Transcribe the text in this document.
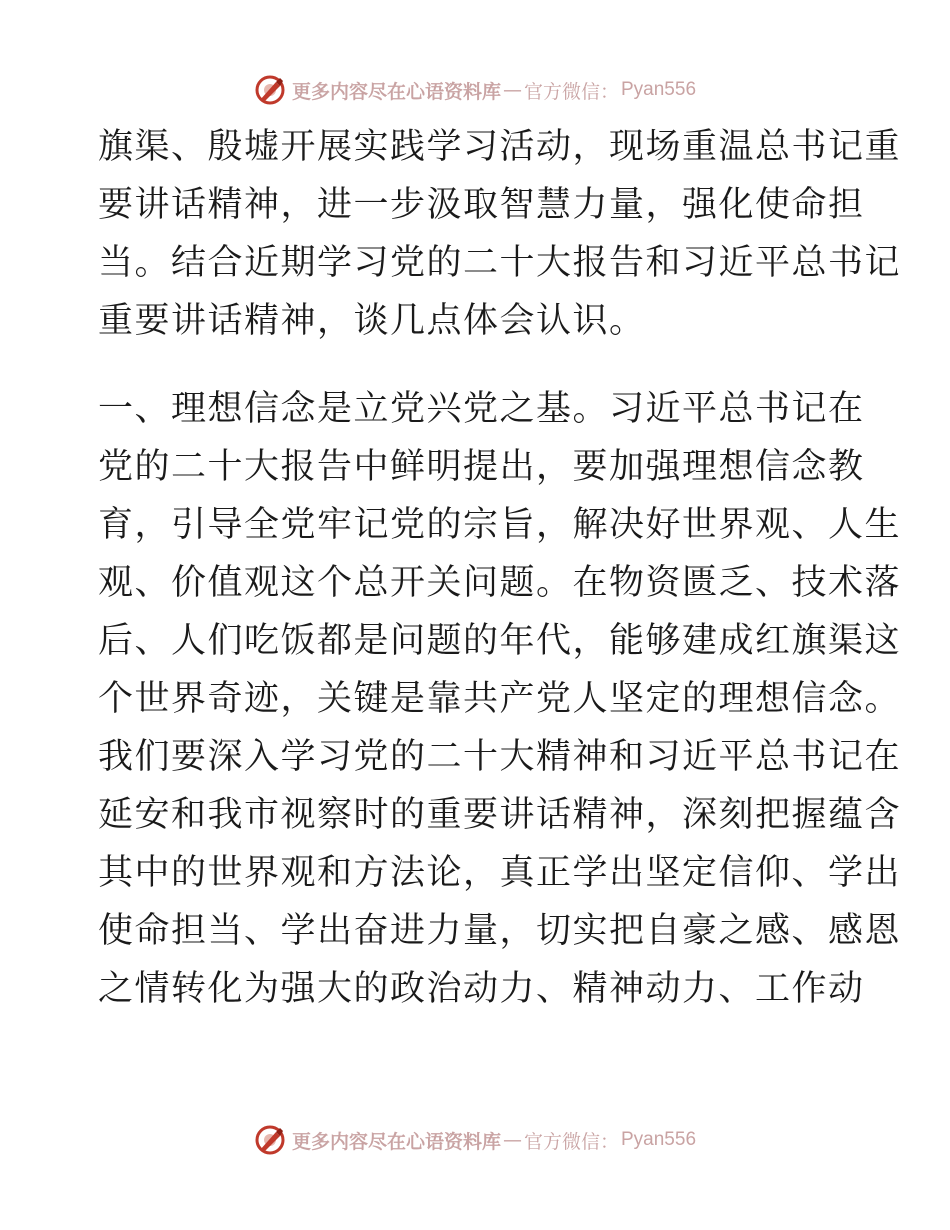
更多内容尽在心语资料库 — 官方微信： Pyan556
旗渠、殷墟开展实践学习活动，现场重温总书记重
要讲话精神，进一步汲取智慧力量，强化使命担
当。结合近期学习党的二十大报告和习近平总书记
重要讲话精神，谈几点体会认识。
一、理想信念是立党兴党之基。习近平总书记在
党的二十大报告中鲜明提出，要加强理想信念教
育，引导全党牢记党的宗旨，解决好世界观、人生
观、价值观这个总开关问题。在物资匮乏、技术落
后、人们吃饭都是问题的年代，能够建成红旗渠这
个世界奇迹，关键是靠共产党人坚定的理想信念。
我们要深入学习党的二十大精神和习近平总书记在
延安和我市视察时的重要讲话精神，深刻把握蕴含
其中的世界观和方法论，真正学出坚定信仰、学出
使命担当、学出奋进力量，切实把自豪之感、感恩
之情转化为强大的政治动力、精神动力、工作动
更多内容尽在心语资料库 — 官方微信： Pyan556
